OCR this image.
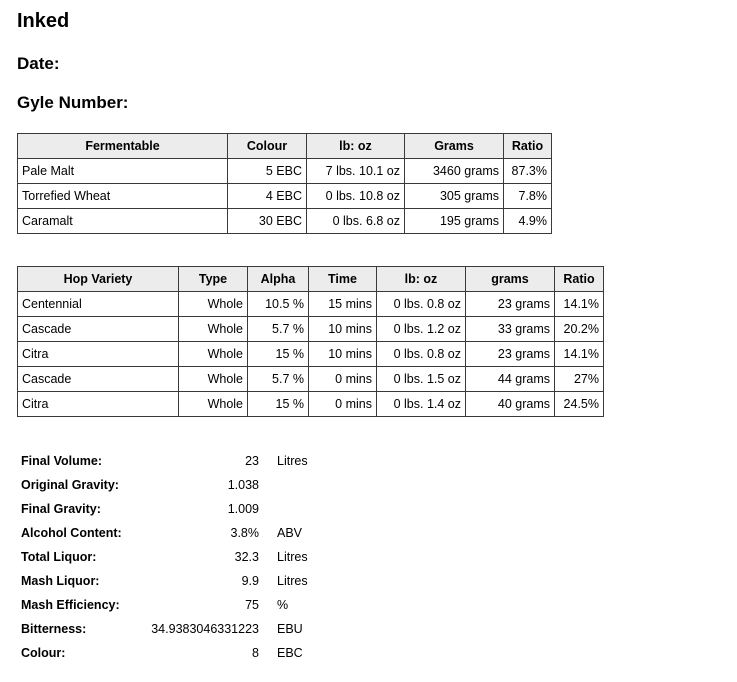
Inked
Date:
Gyle Number:
Fermentable	Colour	lb: oz	Grams	Ratio
Pale Malt	5 EBC	7 lbs. 10.1 oz	3460 grams	87.3%
Torrefied Wheat	4 EBC	0 lbs. 10.8 oz	305 grams	7.8%
Caramalt	30 EBC	0 lbs. 6.8 oz	195 grams	4.9%
Hop Variety	Type	Alpha	Time	lb: oz	grams	Ratio
Centennial	Whole	10.5 %	15 mins	0 lbs. 0.8 oz	23 grams	14.1%
Cascade	Whole	5.7 %	10 mins	0 lbs. 1.2 oz	33 grams	20.2%
Citra	Whole	15 %	10 mins	0 lbs. 0.8 oz	23 grams	14.1%
Cascade	Whole	5.7 %	0 mins	0 lbs. 1.5 oz	44 grams	27%
Citra	Whole	15 %	0 mins	0 lbs. 1.4 oz	40 grams	24.5%
Final Volume:	23	Litres
Original Gravity:	1.038	
Final Gravity:	1.009	
Alcohol Content:	3.8%	ABV
Total Liquor:	32.3	Litres
Mash Liquor:	9.9	Litres
Mash Efficiency:	75	%
Bitterness:	34.9383046331223	EBU
Colour:	8	EBC
